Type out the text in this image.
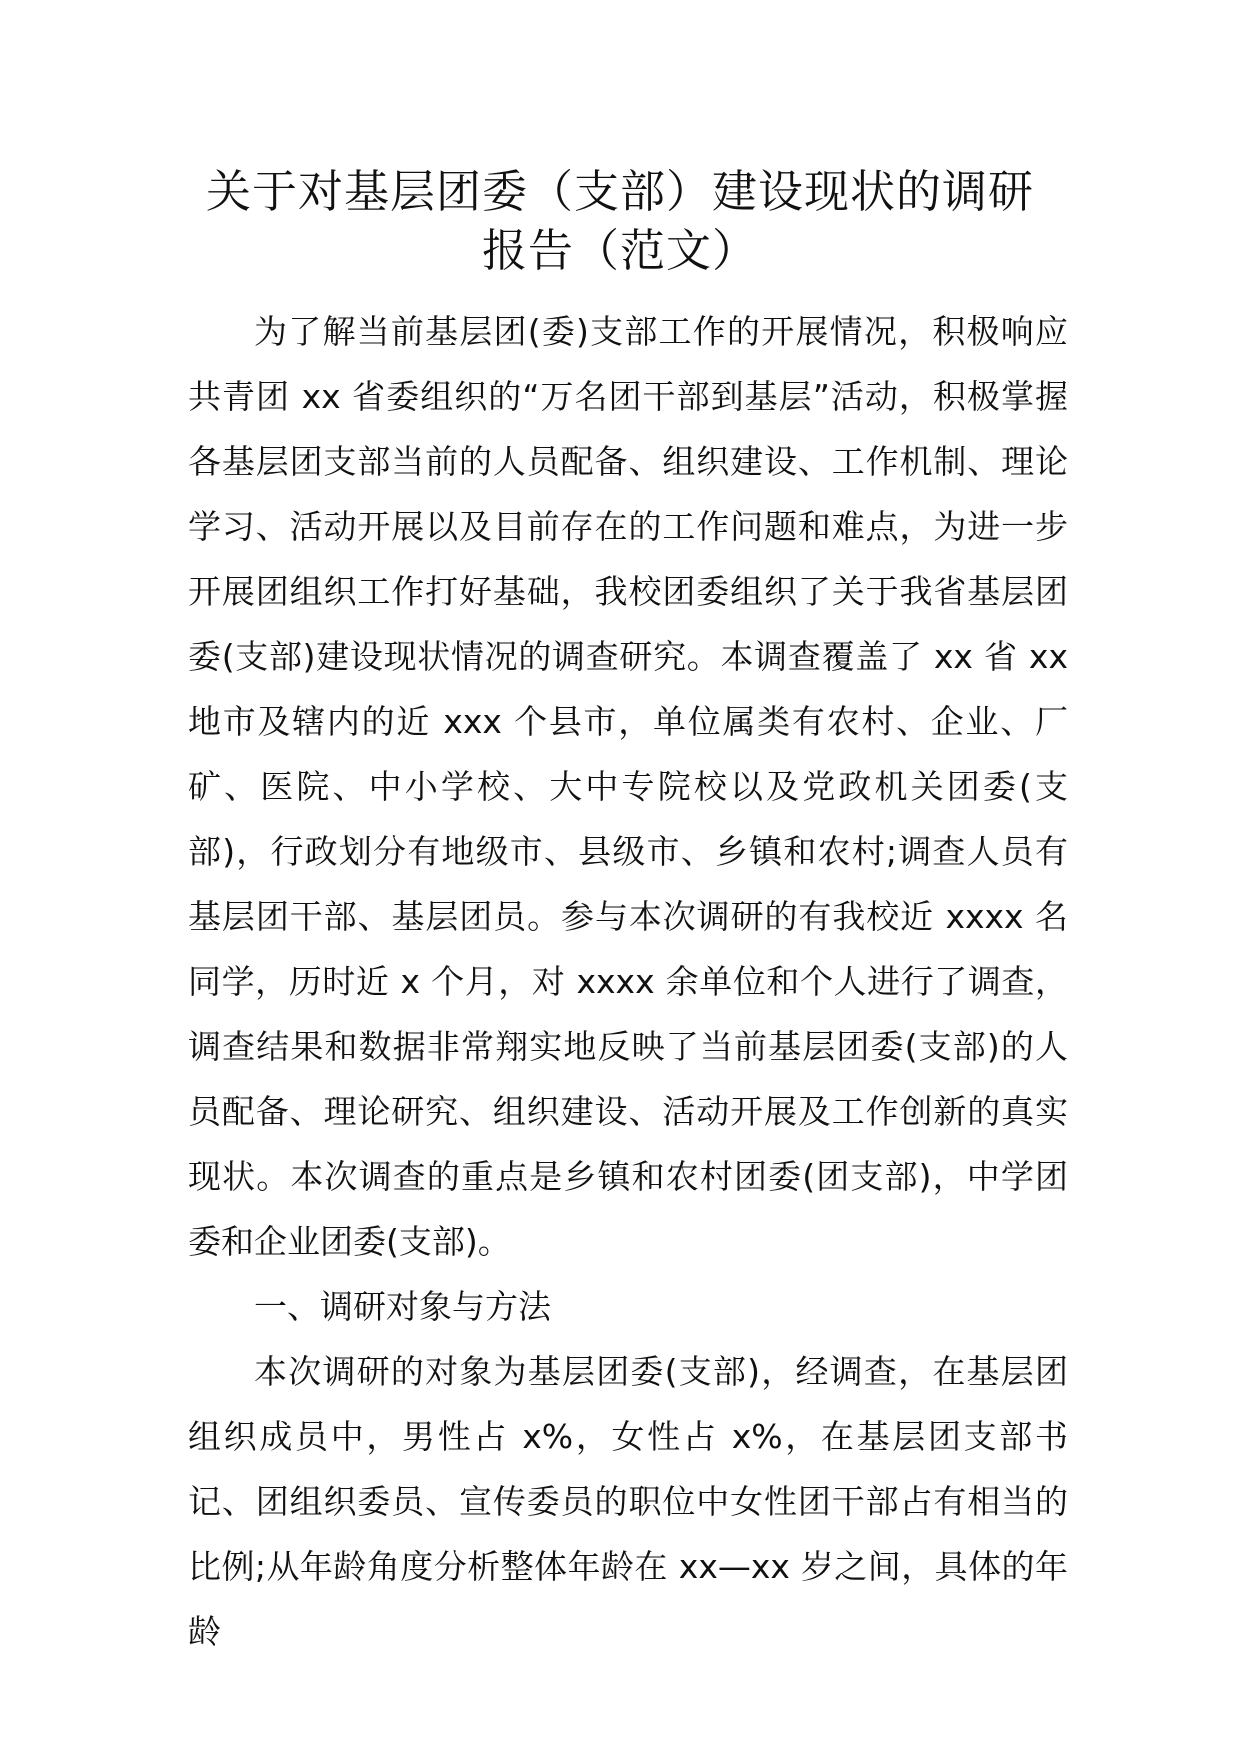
关于对基层团委（支部）建设现状的调研
报告（范文）

为了解当前基层团(委)支部工作的开展情况，积极响应共青团 xx 省委组织的“万名团干部到基层”活动，积极掌握各基层团支部当前的人员配备、组织建设、工作机制、理论学习、活动开展以及目前存在的工作问题和难点，为进一步开展团组织工作打好基础，我校团委组织了关于我省基层团委(支部)建设现状情况的调查研究。本调查覆盖了 xx 省 xx 地市及辖内的近 xxx 个县市，单位属类有农村、企业、厂矿、医院、中小学校、大中专院校以及党政机关团委(支部)，行政划分有地级市、县级市、乡镇和农村;调查人员有基层团干部、基层团员。参与本次调研的有我校近 xxxx 名同学，历时近 x 个月，对 xxxx 余单位和个人进行了调查，调查结果和数据非常翔实地反映了当前基层团委(支部)的人员配备、理论研究、组织建设、活动开展及工作创新的真实现状。本次调查的重点是乡镇和农村团委(团支部)，中学团委和企业团委(支部)。

一、调研对象与方法

本次调研的对象为基层团委(支部)，经调查，在基层团组织成员中，男性占 x%，女性占 x%，在基层团支部书记、团组织委员、宣传委员的职位中女性团干部占有相当的比例;从年龄角度分析整体年龄在 xx—xx 岁之间，具体的年龄
